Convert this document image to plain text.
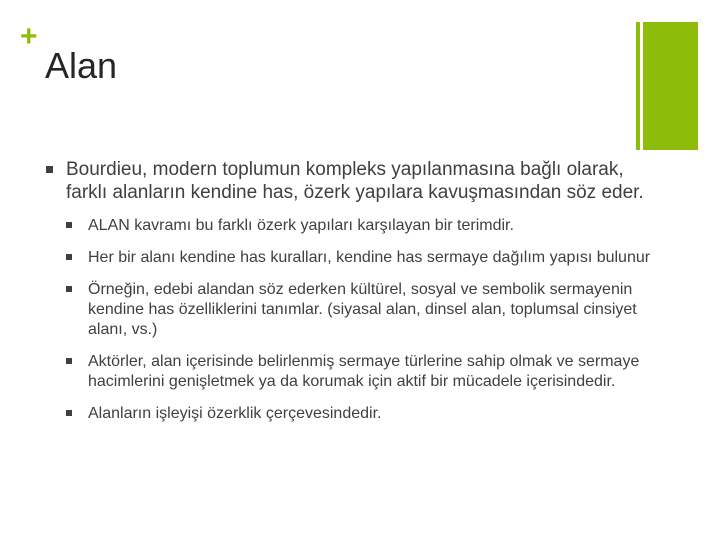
+
Alan
Bourdieu, modern toplumun kompleks yapılanmasına bağlı olarak, farklı alanların kendine has, özerk yapılara kavuşmasından söz eder.
ALAN kavramı bu farklı özerk yapıları karşılayan bir terimdir.
Her bir alanı kendine has kuralları, kendine has sermaye dağılım yapısı bulunur
Örneğin, edebi alandan söz ederken kültürel, sosyal ve sembolik sermayenin kendine has özelliklerini tanımlar. (siyasal alan, dinsel alan, toplumsal cinsiyet alanı, vs.)
Aktörler, alan içerisinde belirlenmiş sermaye türlerine sahip olmak ve sermaye hacimlerini genişletmek ya da korumak için aktif bir mücadele içerisindedir.
Alanların işleyişi özerklik çerçevesindedir.
